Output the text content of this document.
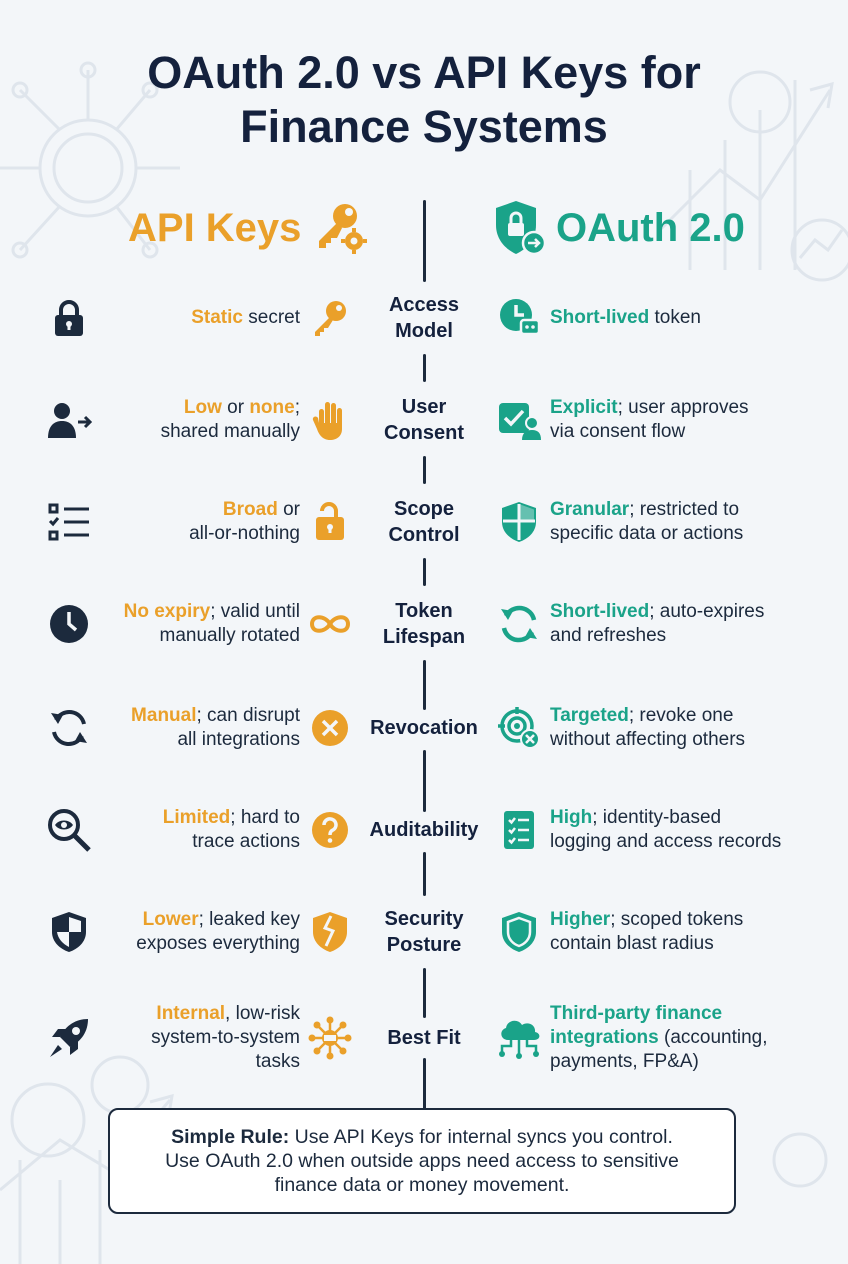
OAuth 2.0 vs API Keys for
Finance Systems
API Keys	OAuth 2.0
Static secret
Access
Model
Short-lived token
Low or none;
shared manually
User
Consent
Explicit; user approves
via consent flow
Broad or
all-or-nothing
Scope
Control
Granular; restricted to
specific data or actions
No expiry; valid until
manually rotated
Token
Lifespan
Short-lived; auto-expires
and refreshes
Manual; can disrupt
all integrations
Revocation
Targeted; revoke one
without affecting others
Limited; hard to
trace actions
Auditability
High; identity-based
logging and access records
Lower; leaked key
exposes everything
Security
Posture
Higher; scoped tokens
contain blast radius
Internal, low-risk
system-to-system
tasks
Best Fit
Third-party finance
integrations (accounting,
payments, FP&A)
Simple Rule: Use API Keys for internal syncs you control.
Use OAuth 2.0 when outside apps need access to sensitive
finance data or money movement.
